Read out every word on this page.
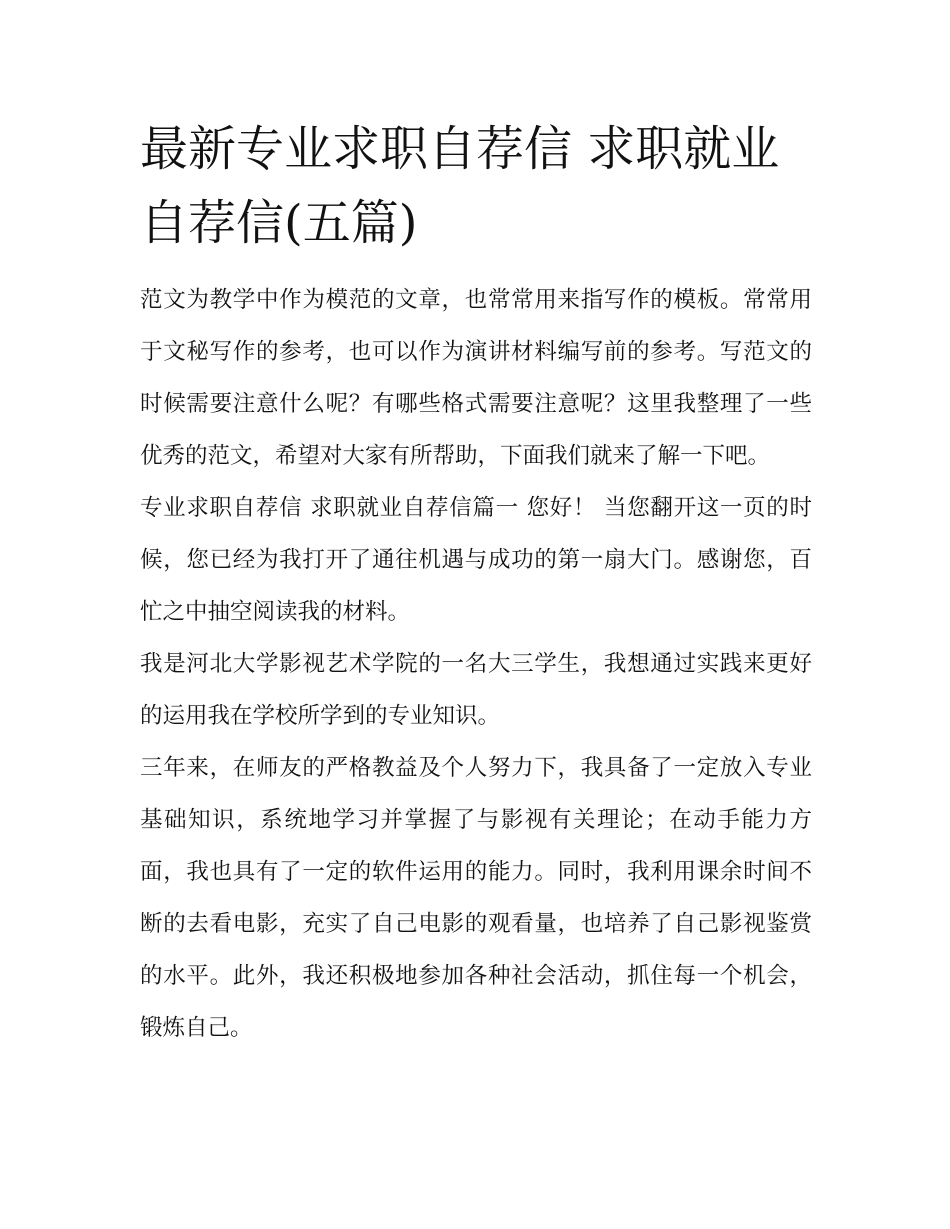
最新专业求职自荐信 求职就业自荐信(五篇)

范文为教学中作为模范的文章，也常常用来指写作的模板。常常用于文秘写作的参考，也可以作为演讲材料编写前的参考。写范文的时候需要注意什么呢？有哪些格式需要注意呢？这里我整理了一些优秀的范文，希望对大家有所帮助，下面我们就来了解一下吧。

专业求职自荐信 求职就业自荐信篇一 您好！ 当您翻开这一页的时候，您已经为我打开了通往机遇与成功的第一扇大门。感谢您，百忙之中抽空阅读我的材料。

我是河北大学影视艺术学院的一名大三学生，我想通过实践来更好的运用我在学校所学到的专业知识。

三年来，在师友的严格教益及个人努力下，我具备了一定放入专业基础知识，系统地学习并掌握了与影视有关理论；在动手能力方面，我也具有了一定的软件运用的能力。同时，我利用课余时间不断的去看电影，充实了自己电影的观看量，也培养了自己影视鉴赏的水平。此外，我还积极地参加各种社会活动，抓住每一个机会，锻炼自己。
